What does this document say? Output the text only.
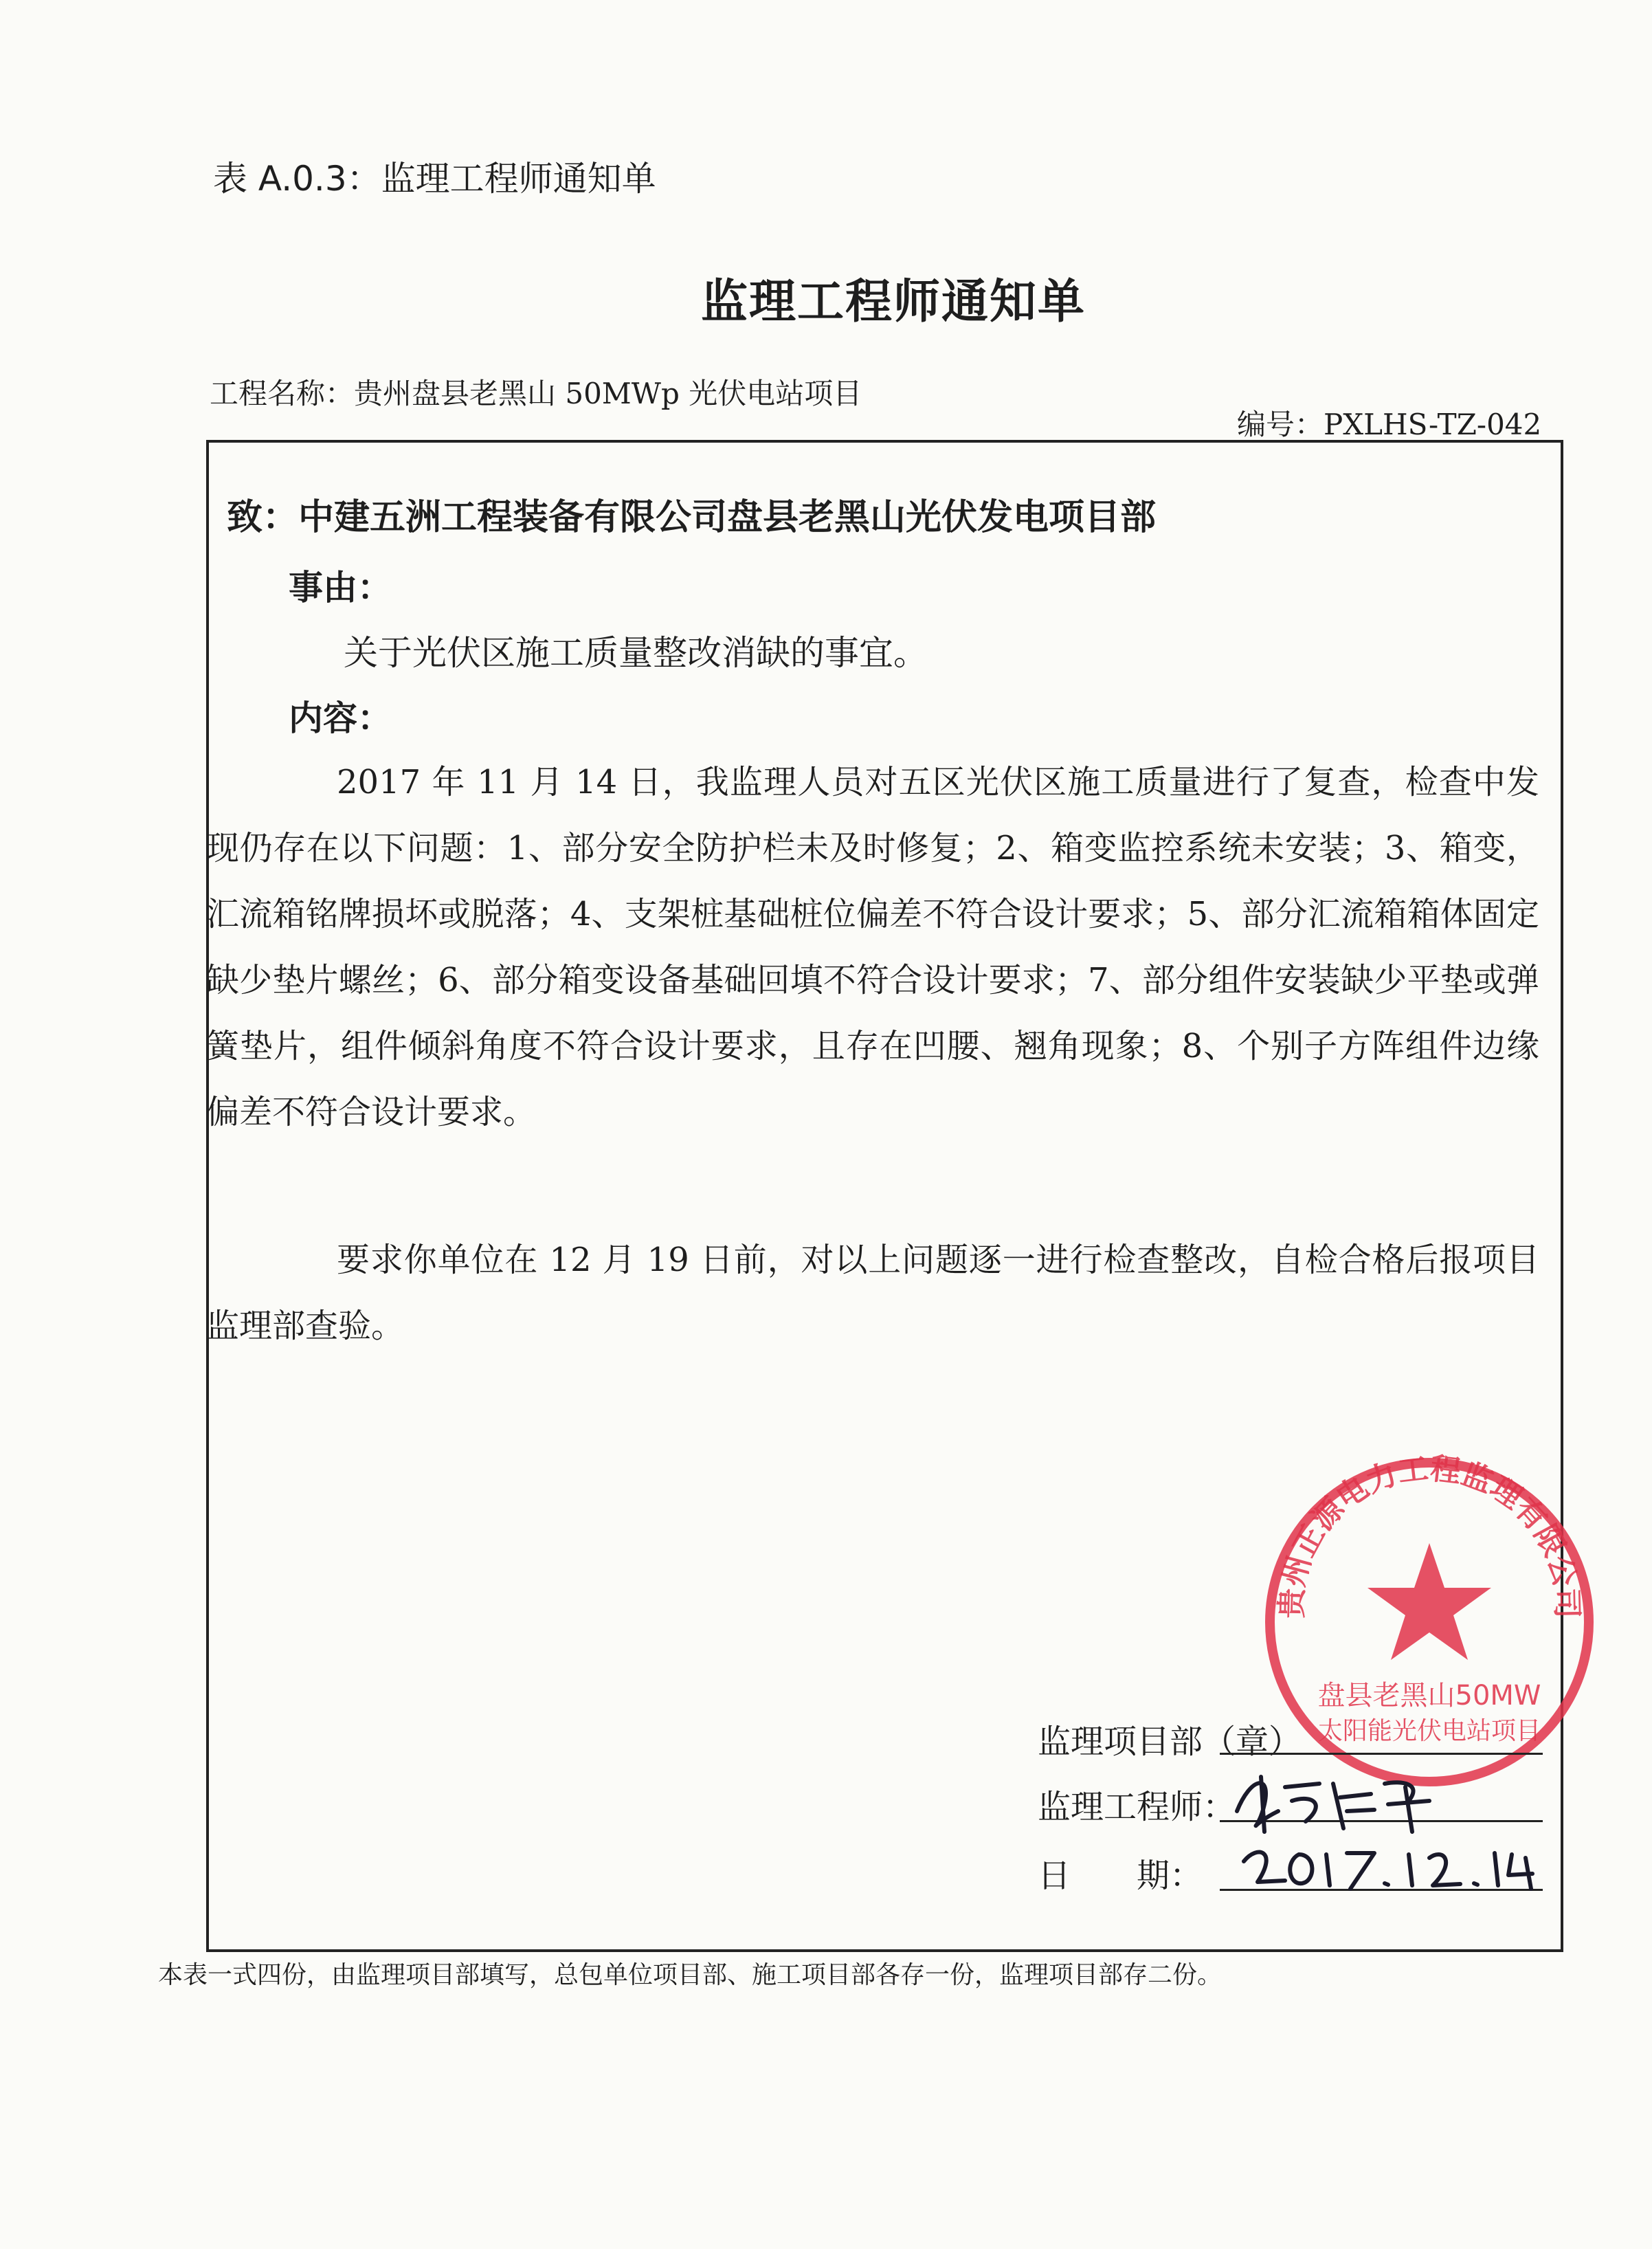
表 A.0.3：监理工程师通知单
监理工程师通知单
工程名称：贵州盘县老黑山 50MWp 光伏电站项目
编号：PXLHS-TZ-042
致：中建五洲工程装备有限公司盘县老黑山光伏发电项目部
事由：
关于光伏区施工质量整改消缺的事宜。
内容：
2017 年 11 月 14 日，我监理人员对五区光伏区施工质量进行了复查，检查中发现仍存在以下问题：1、部分安全防护栏未及时修复；2、箱变监控系统未安装；3、箱变，汇流箱铭牌损坏或脱落；4、支架桩基础桩位偏差不符合设计要求；5、部分汇流箱箱体固定缺少垫片螺丝；6、部分箱变设备基础回填不符合设计要求；7、部分组件安装缺少平垫或弹簧垫片，组件倾斜角度不符合设计要求，且存在凹腰、翘角现象；8、个别子方阵组件边缘偏差不符合设计要求。
要求你单位在 12 月 19 日前，对以上问题逐一进行检查整改，自检合格后报项目监理部查验。
贵州正源电力工程监理有限公司
盘县老黑山50MW
太阳能光伏电站项目
监理项目部（章）
监理工程师：
日　　期：
本表一式四份，由监理项目部填写，总包单位项目部、施工项目部各存一份，监理项目部存二份。
